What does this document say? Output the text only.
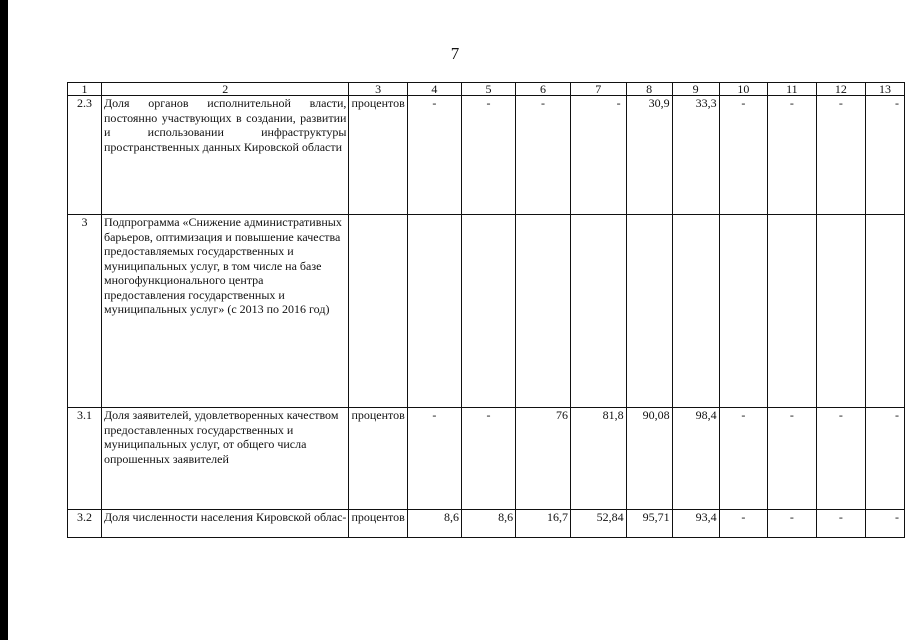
7
1	2	3	4	5	6	7	8	9	10	11	12	13
2.3	Доля органов исполнительной власти, постоянно участвующих в создании, развитии и использовании инфраструктуры пространственных данных Кировской области	процентов	-	-	-	-	30,9	33,3	-	-	-	-
3	Подпрограмма «Снижение административных барьеров, оптимизация и повышение качества предоставляемых государственных и муниципальных услуг, в том числе на базе многофункционального центра предоставления государственных и муниципальных услуг» (с 2013 по 2016 год)											
3.1	Доля заявителей, удовлетворенных качеством предоставленных государственных и муниципальных услуг, от общего числа опрошенных заявителей	процентов	-	-	76	81,8	90,08	98,4	-	-	-	-
3.2	Доля численности населения Кировской облас-	процентов	8,6	8,6	16,7	52,84	95,71	93,4	-	-	-	-
